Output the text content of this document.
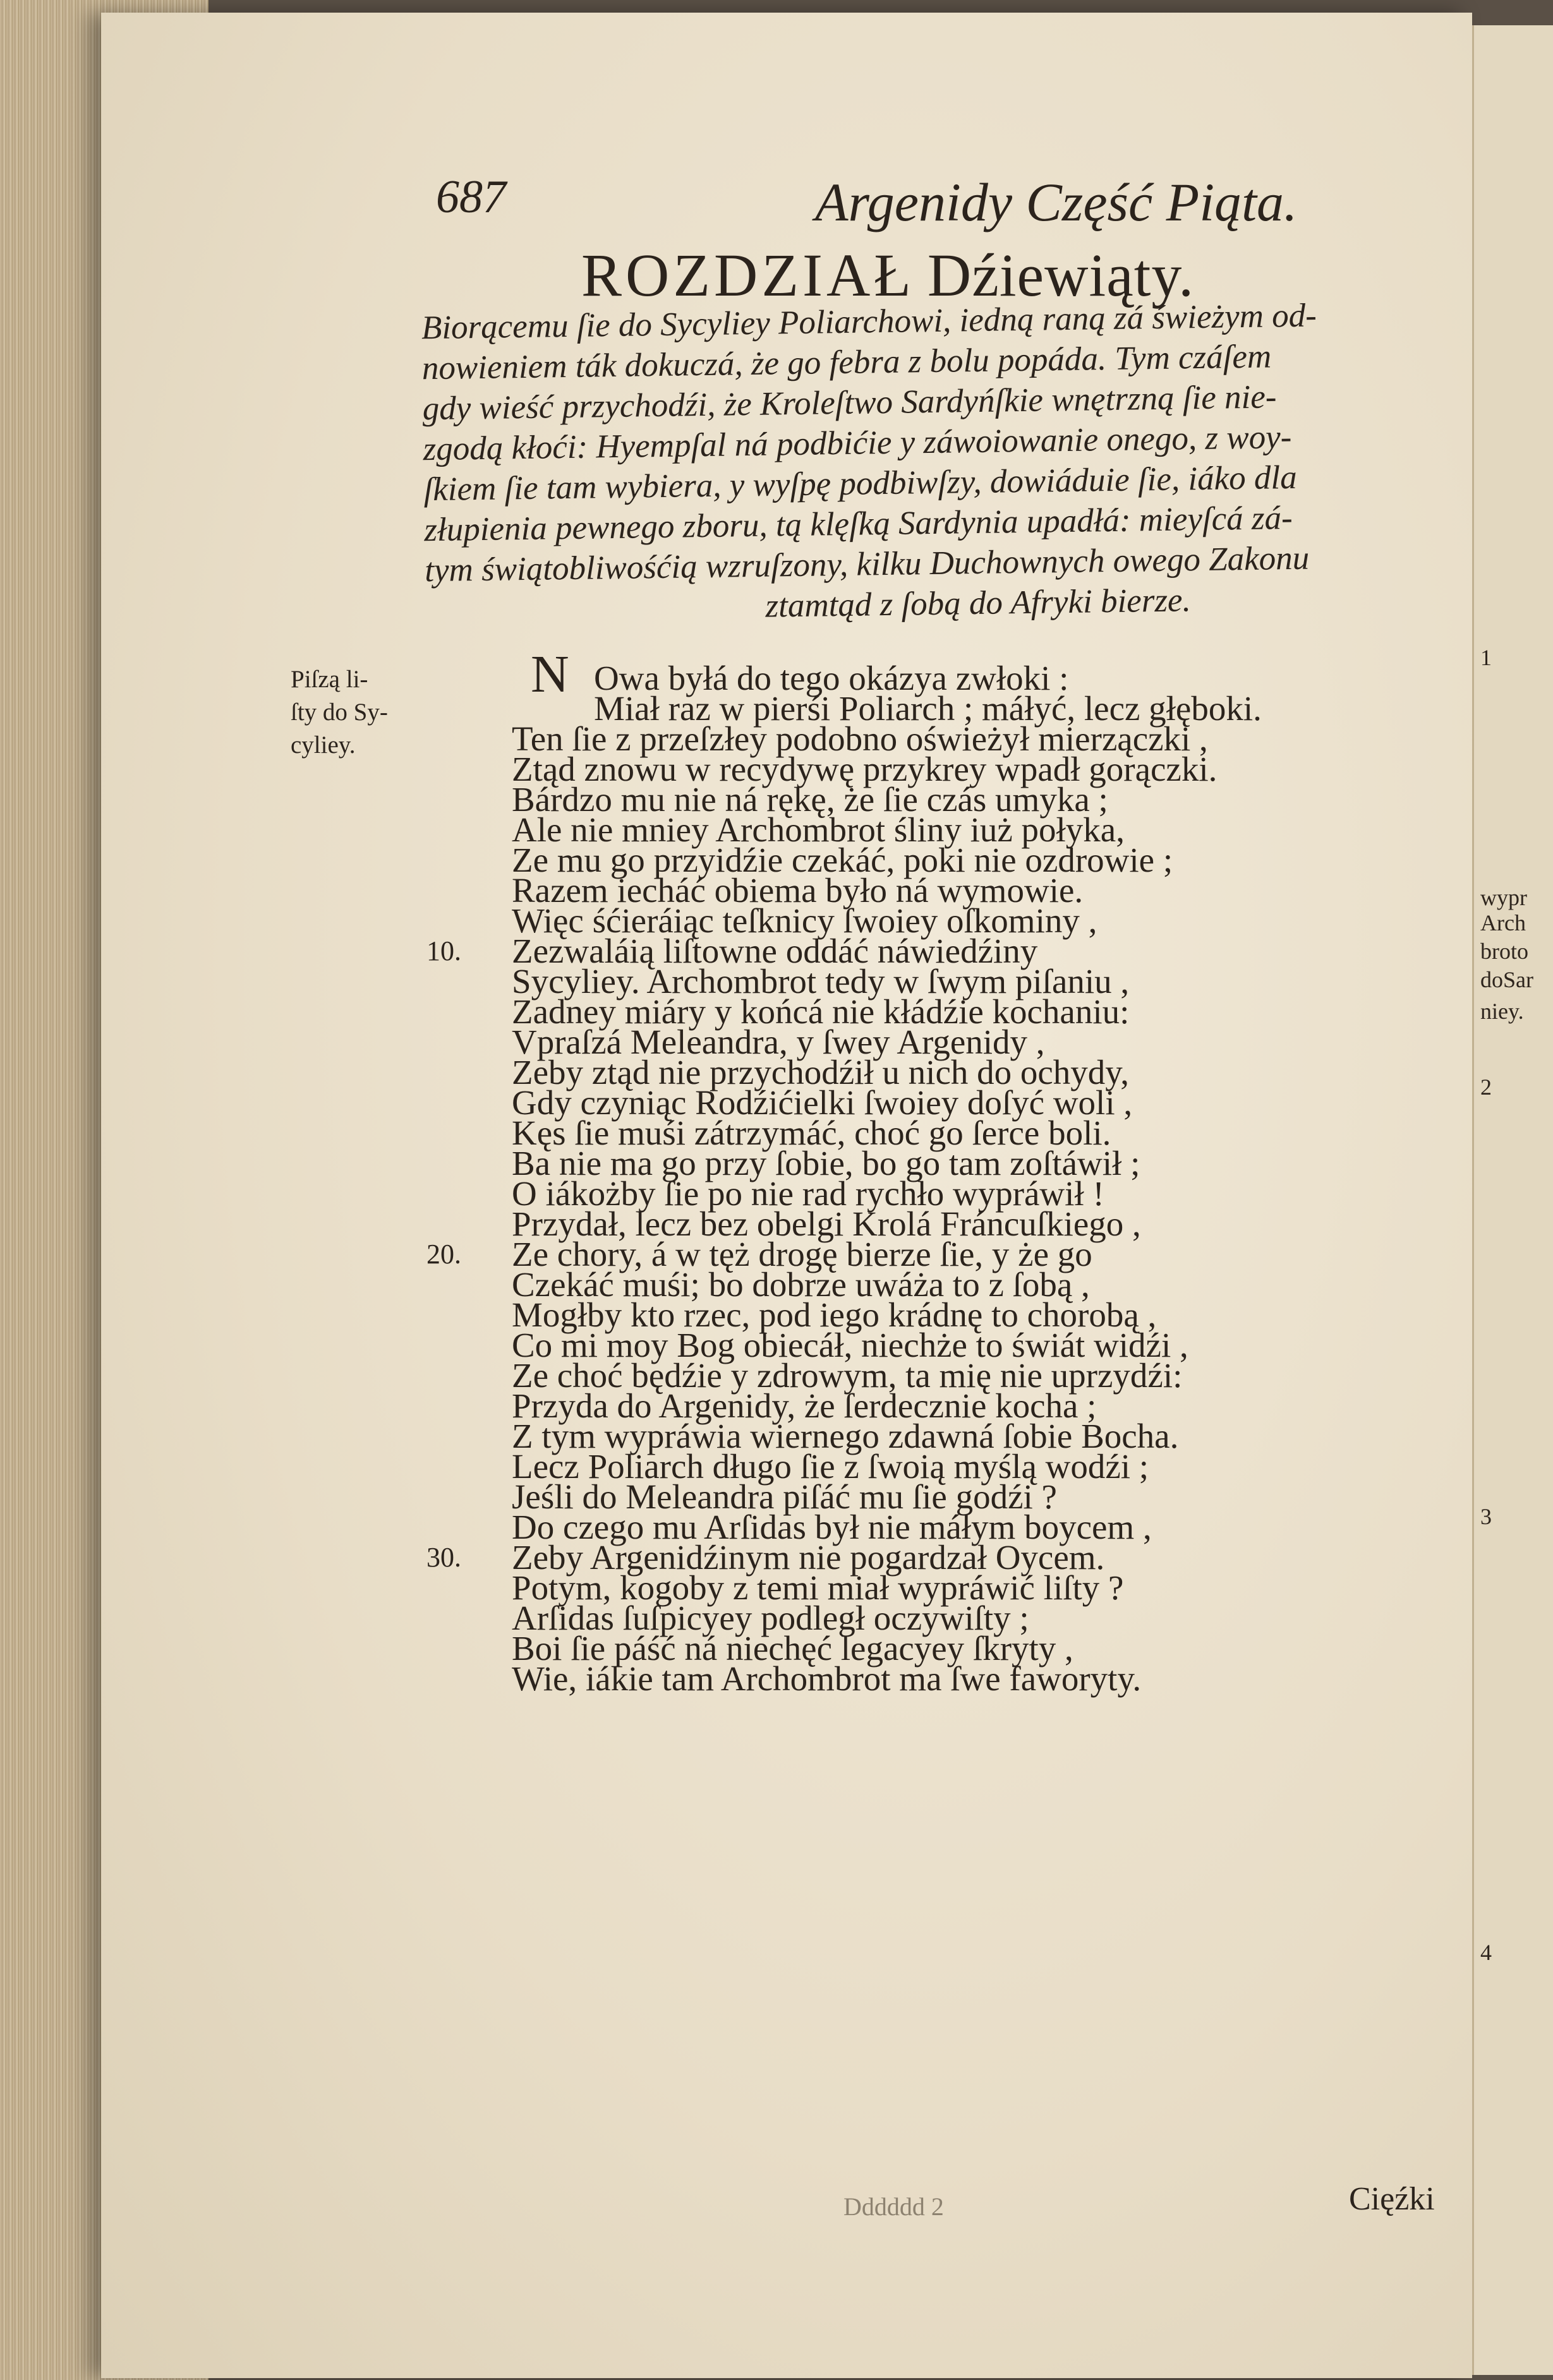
687	Argenidy Część Piąta.
ROZDZIAŁ Dźiewiąty.
Biorącemu ſie do Sycyliey Poliarchowi, iedną raną zá świeżym od-
nowieniem ták dokuczá, że go febra z bolu popáda. Tym czáſem
gdy wieść przychodźi, że Kroleſtwo Sardyńſkie wnętrzną ſie nie-
zgodą kłoći: Hyempſal ná podbićie y záwoiowanie onego, z woy-
ſkiem ſie tam wybiera, y wyſpę podbiwſzy, dowiáduie ſie, iáko dla
złupienia pewnego zboru, tą klęſką Sardynia upadłá: mieyſcá zá-
tym świątobliwośćią wzruſzony, kilku Duchownych owego Zakonu
ztamtąd z ſobą do Afryki bierze.
Piſzą li-
ſty do Sy-
cyliey.
N Owa byłá do tego okázya zwłoki :
Miał raz w pierśi Poliarch ; máłyć, lecz głęboki.
Ten ſie z przeſzłey podobno oświeżył mierząc‌zki ,
Ztąd znowu w recydywę przykrey wpadł gorączki.
Bárdzo mu nie ná rękę, że ſie czás umyka ;
Ale nie mniey Archombrot śliny iuż połyka,
Ze mu go przyidźie czekáć, poki nie ozdrowie ;
Razem iecháć obiema było ná wymowie.
Więc śćieráiąc teſknicy ſwoiey oſkominy ,
10. Zezwaláią liſtowne oddáć náwiedźiny
Sycyliey. Archombrot tedy w ſwym piſaniu ,
Zadney miáry y końcá nie kłádźie kochaniu:
Vpraſzá Meleandra, y ſwey Argenidy ,
Zeby ztąd nie przychodźił u nich do ochydy,
Gdy czyniąc Rodźićielki ſwoiey doſyć woli ,
Kęs ſie muśi zátrzymáć, choć go ſerce boli.
Ba nie ma go przy ſobie, bo go tam zoſtáwił ;
O iákożby ſie po nie rad rychło wypráwił !
Przydał, lecz bez obelgi Krolá Fráncuſkiego ,
20. Ze chory, á w tęż drogę bierze ſie, y że go
Czekáć muśi; bo dobrze uwáża to z ſobą ,
Mogłby kto rzec, pod iego krádnę to chorobą ,
Co mi moy Bog obiecáł, niechże to świát widźi ,
Ze choć będźie y zdrowym, ta mię nie uprzydźi:
Przyda do Argenidy, że ſerdecznie kocha ;
Z tym wypráwia wiernego zdawná ſobie Bocha.
Lecz Poliarch długo ſie z ſwoią myślą wodźi ;
Jeśli do Meleandra piſáć mu ſie godźi ?
Do czego mu Arſidas był nie máłym boycem ,
30. Zeby Argenidźinym nie pogardzał Oycem.
Potym, kogoby z temi miał wypráwić liſty ?
Arſidas ſuſpicyey podległ oczywiſty ;
Boi ſie páść ná niechęć legacyey ſkryty ,
Wie, iákie tam Archombrot ma ſwe faworyty.
Dddddd 2	Cięźki
1
wypr
Arch
broto
doSar
niey.
2
3
4
